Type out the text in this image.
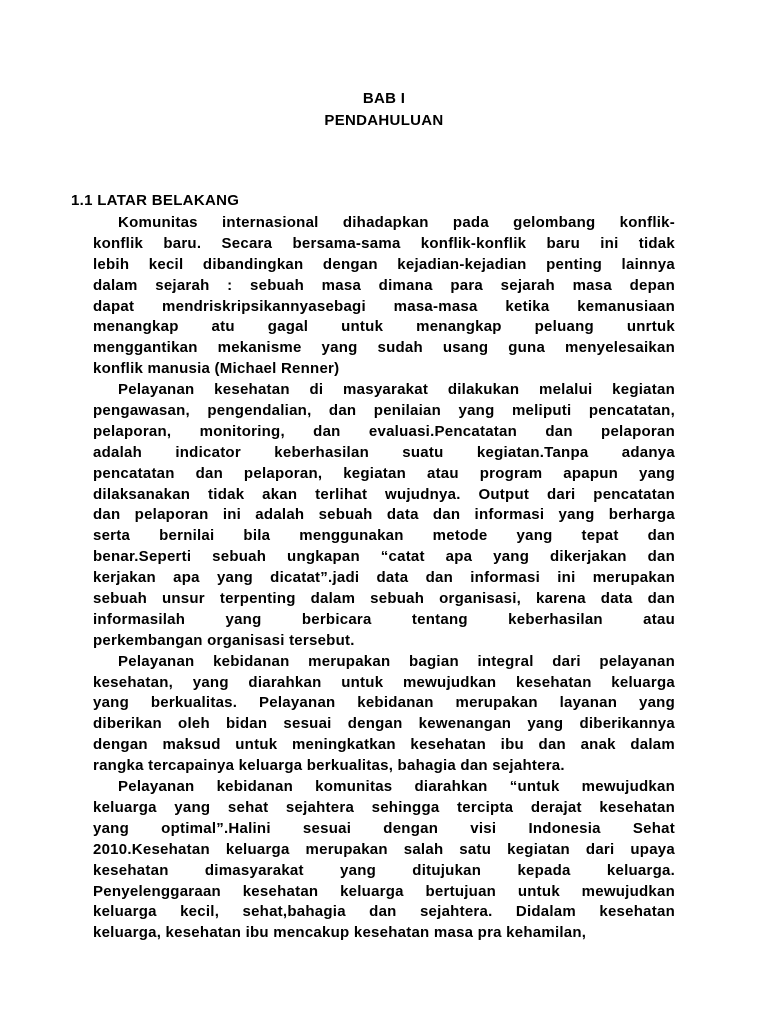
BAB I
PENDAHULUAN
1.1 LATAR BELAKANG
Komunitas internasional dihadapkan pada gelombang konflik-
konflik baru. Secara bersama-sama konflik-konflik baru ini tidak
lebih kecil dibandingkan dengan kejadian-kejadian penting lainnya
dalam sejarah : sebuah masa dimana para sejarah masa depan
dapat mendriskripsikannyasebagi masa-masa ketika kemanusiaan
menangkap atu gagal untuk menangkap peluang unrtuk
menggantikan mekanisme yang sudah usang guna menyelesaikan
konflik manusia (Michael Renner)
Pelayanan kesehatan di masyarakat dilakukan melalui kegiatan
pengawasan, pengendalian, dan penilaian yang meliputi pencatatan,
pelaporan, monitoring, dan evaluasi.Pencatatan dan pelaporan
adalah indicator keberhasilan suatu kegiatan.Tanpa adanya
pencatatan dan pelaporan, kegiatan atau program apapun yang
dilaksanakan tidak akan terlihat wujudnya. Output dari pencatatan
dan pelaporan ini adalah sebuah data dan informasi yang berharga
serta bernilai bila menggunakan metode yang tepat dan
benar.Seperti sebuah ungkapan “catat apa yang dikerjakan dan
kerjakan apa yang dicatat”.jadi data dan informasi ini merupakan
sebuah unsur terpenting dalam sebuah organisasi, karena data dan
informasilah yang berbicara tentang keberhasilan atau
perkembangan organisasi tersebut.
Pelayanan kebidanan merupakan bagian integral dari pelayanan
kesehatan, yang diarahkan untuk mewujudkan kesehatan keluarga
yang berkualitas. Pelayanan kebidanan merupakan layanan yang
diberikan oleh bidan sesuai dengan kewenangan yang diberikannya
dengan maksud untuk meningkatkan kesehatan ibu dan anak dalam
rangka tercapainya keluarga berkualitas, bahagia dan sejahtera.
Pelayanan kebidanan komunitas diarahkan “untuk mewujudkan
keluarga yang sehat sejahtera sehingga tercipta derajat kesehatan
yang optimal”.Halini sesuai dengan visi Indonesia Sehat
2010.Kesehatan keluarga merupakan salah satu kegiatan dari upaya
kesehatan dimasyarakat yang ditujukan kepada keluarga.
Penyelenggaraan kesehatan keluarga bertujuan untuk mewujudkan
keluarga kecil, sehat,bahagia dan sejahtera. Didalam kesehatan
keluarga, kesehatan ibu mencakup kesehatan masa pra kehamilan,
